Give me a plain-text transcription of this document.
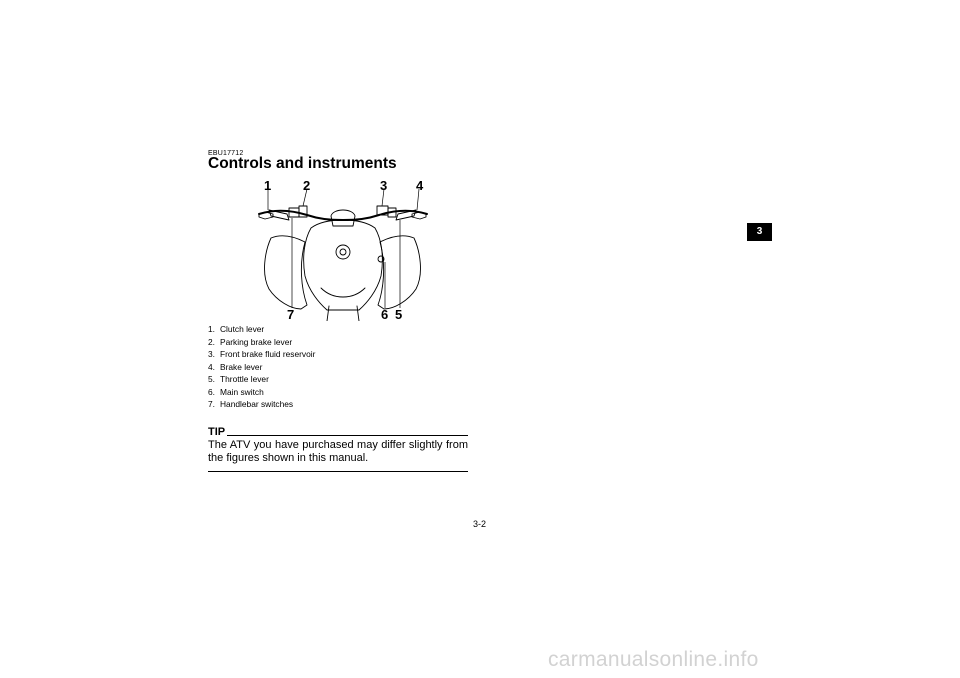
EBU17712
Controls and instruments
1 2	3 4
7	6 5
1. Clutch lever
2. Parking brake lever
3. Front brake fluid reservoir
4. Brake lever
5. Throttle lever
6. Main switch
7. Handlebar switches
TIP
The ATV you have purchased may differ slightly from the figures shown in this manual.
3-2
3
carmanualsonline.info
